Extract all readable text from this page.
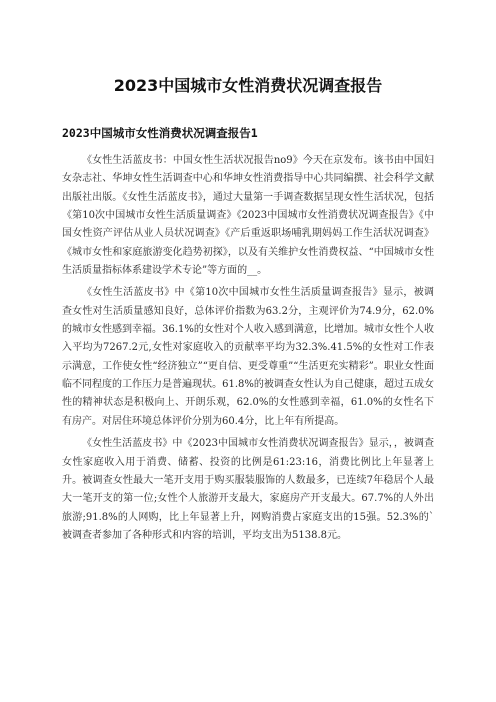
2023中国城市女性消费状况调查报告
2023中国城市女性消费状况调查报告1

《女性生活蓝皮书：中国女性生活状况报告no9》今天在京发布。该书由中国妇女杂志社、华坤女性生活调查中心和华坤女性消费指导中心共同编撰、社会科学文献出版社出版。《女性生活蓝皮书》，通过大量第一手调查数据呈现女性生活状况，包括《第10次中国城市女性生活质量调查》《2023中国城市女性消费状况调查报告》《中国女性资产评估从业人员状况调查》《产后重返职场哺乳期妈妈工作生活状况调查》《城市女性和家庭旅游变化趋势初探》，以及有关维护女性消费权益、“中国城市女性生活质量指标体系建设学术专论”等方面的__。

《女性生活蓝皮书》中《第10次中国城市女性生活质量调查报告》显示，被调查女性对生活质量感知良好，总体评价指数为63.2分，主观评价为74.9分，62.0%的城市女性感到幸福。36.1%的女性对个人收入感到满意，比增加。城市女性个人收入平均为7267.2元,女性对家庭收入的贡献率平均为32.3%.41.5%的女性对工作表示满意，工作使女性“经济独立”“更自信、更受尊重”“生活更充实精彩”。职业女性面临不同程度的工作压力是普遍现状。61.8%的被调查女性认为自己健康，超过五成女性的精神状态是积极向上、开朗乐观，62.0%的女性感到幸福，61.0%的女性名下有房产。对居住环境总体评价分别为60.4分，比上年有所提高。

《女性生活蓝皮书》中《2023中国城市女性消费状况调查报告》显示，，被调查女性家庭收入用于消费、储蓄、投资的比例是61:23:16，消费比例比上年显著上升。被调查女性最大一笔开支用于购买服装服饰的人数最多，已连续7年稳居个人最大一笔开支的第一位;女性个人旅游开支最大，家庭房产开支最大。67.7%的人外出旅游;91.8%的人网购，比上年显著上升，网购消费占家庭支出的15强。52.3%的`被调查者参加了各种形式和内容的培训，平均支出为5138.8元。
